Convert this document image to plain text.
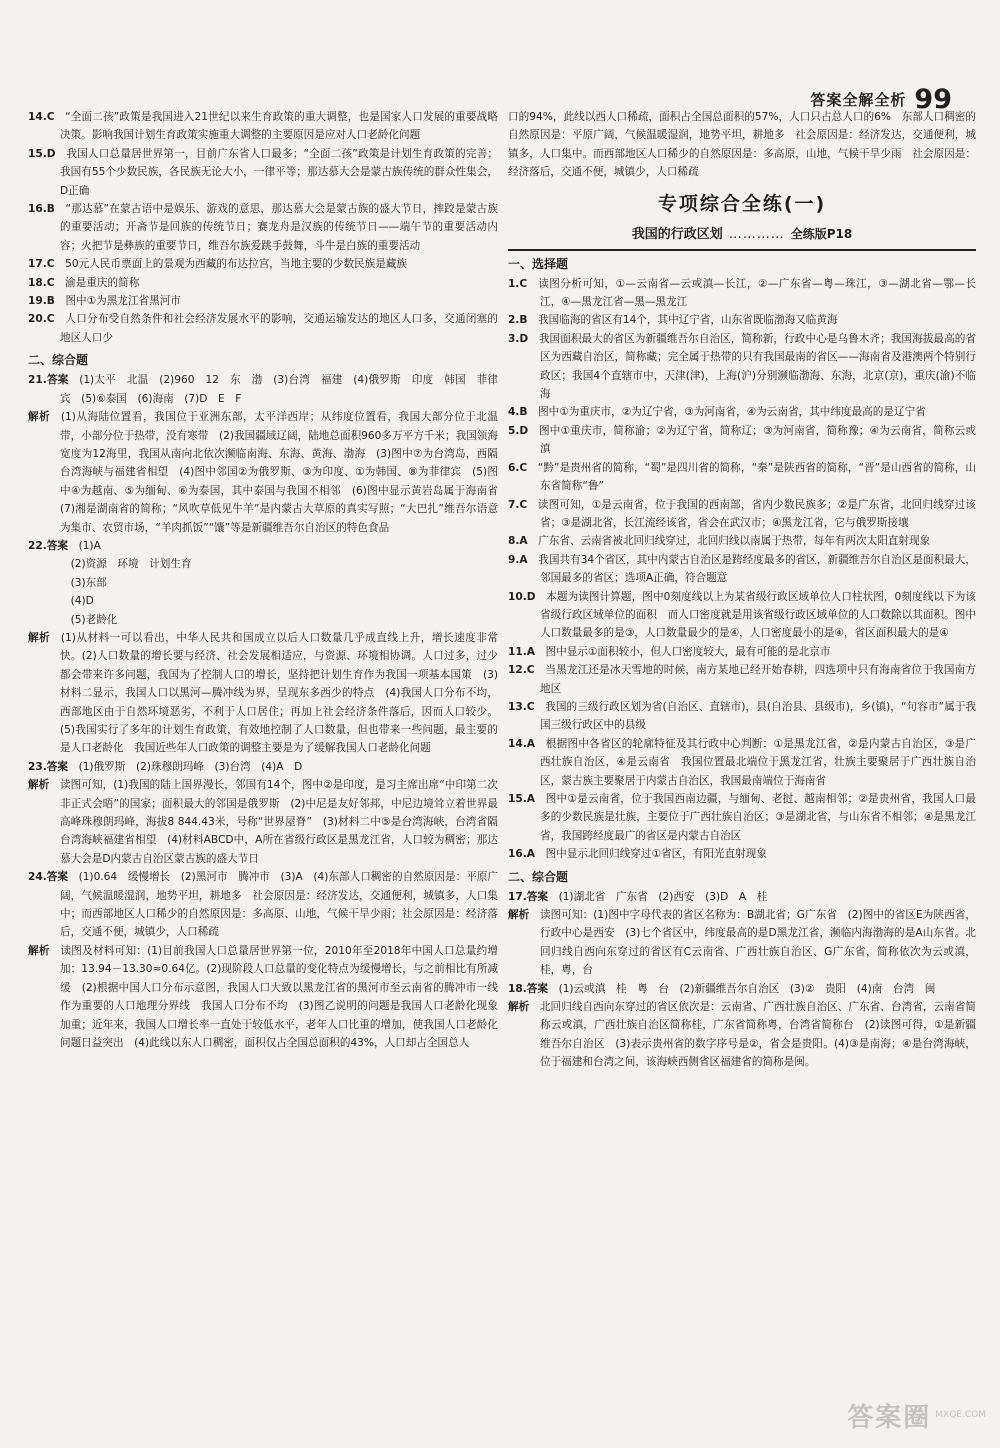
答案全解全析 99

14.C  “全面二孩”政策是我国进入21世纪以来生育政策的重大调整，也是国家人口发展的重要战略决策。影响我国计划生育政策实施重大调整的主要原因是应对人口老龄化问题

15.D  我国人口总量居世界第一，目前广东省人口最多；“全面二孩”政策是计划生育政策的完善；我国有55个少数民族，各民族无论大小，一律平等；那达慕大会是蒙古族传统的群众性集会，D正确

16.B  “那达慕”在蒙古语中是娱乐、游戏的意思，那达慕大会是蒙古族的盛大节日，摔跤是蒙古族的重要活动；开斋节是回族的传统节日；赛龙舟是汉族的传统节日——端午节的重要活动内容；火把节是彝族的重要节日，维吾尔族爱跳手鼓舞，斗牛是白族的重要活动

17.C  50元人民币票面上的景观为西藏的布达拉宫，当地主要的少数民族是藏族

18.C  渝是重庆的简称

19.B  图中①为黑龙江省黑河市

20.C  人口分布受自然条件和社会经济发展水平的影响，交通运输发达的地区人口多，交通闭塞的地区人口少

二、综合题

21.答案  (1)太平　北温　(2)960　12　东　渤　(3)台湾　福建　(4)俄罗斯　印度　韩国　菲律宾　(5)⑥泰国　(6)海南　(7)D　E　F

解析  (1)从海陆位置看，我国位于亚洲东部，太平洋西岸；从纬度位置看，我国大部分位于北温带，小部分位于热带，没有寒带　(2)我国疆域辽阔，陆地总面积960多万平方千米；我国领海宽度为12海里，我国从南向北依次濒临南海、东海、黄海、渤海　(3)图中⑦为台湾岛，西隔台湾海峡与福建省相望　(4)图中邻国②为俄罗斯、③为印度、①为韩国、⑧为菲律宾　(5)图中④为越南、⑤为缅甸、⑥为泰国，其中泰国与我国不相邻　(6)图中显示黄岩岛属于海南省　(7)湘是湖南省的简称；“风吹草低见牛羊”是内蒙古大草原的真实写照；“大巴扎”维吾尔语意为集市、农贸市场，“羊肉抓饭”“馕”等是新疆维吾尔自治区的特色食品

22.答案  (1)A

 (2)资源　环境　计划生育

 (3)东部

 (4)D

 (5)老龄化

解析  (1)从材料一可以看出，中华人民共和国成立以后人口数量几乎成直线上升，增长速度非常快。(2)人口数量的增长要与经济、社会发展相适应，与资源、环境相协调。人口过多，过少都会带来许多问题，我国为了控制人口的增长，坚持把计划生育作为我国一项基本国策　(3)材料二显示，我国人口以黑河—腾冲线为界，呈现东多西少的特点　(4)我国人口分布不均，西部地区由于自然环境恶劣，不利于人口居住；再加上社会经济条件落后，因而人口较少。(5)我国实行了多年的计划生育政策，有效地控制了人口数量，但也带来一些问题，最主要的是人口老龄化　我国近些年人口政策的调整主要是为了缓解我国人口老龄化问题

23.答案  (1)俄罗斯　(2)珠穆朗玛峰　(3)台湾　(4)A　D

解析  读图可知，(1)我国的陆上国界漫长，邻国有14个，图中②是印度，是习主席出席“中印第二次非正式会晤”的国家；面积最大的邻国是俄罗斯　(2)中尼是友好邻邦，中尼边境耸立着世界最高峰珠穆朗玛峰，海拔8 844.43米，号称“世界屋脊”　(3)材料二中⑤是台湾海峡，台湾省隔台湾海峡福建省相望　(4)材料ABCD中，A所在省级行政区是黑龙江省，人口较为稠密；那达慕大会是D内蒙古自治区蒙古族的盛大节日

24.答案  (1)0.64　缓慢增长　(2)黑河市　腾冲市　(3)A　(4)东部人口稠密的自然原因是：平原广阔，气候温暖湿润，地势平坦，耕地多　社会原因是：经济发达，交通便利，城镇多，人口集中；而西部地区人口稀少的自然原因是：多高原、山地，气候干旱少雨；社会原因是：经济落后，交通不便，城镇少，人口稀疏

解析  读图及材料可知：(1)目前我国人口总量居世界第一位，2010年至2018年中国人口总量约增加：13.94－13.30≈0.64亿。(2)现阶段人口总量的变化特点为缓慢增长，与之前相比有所减缓　(2)根据中国人口分布示意图，我国人口大致以黑龙江省的黑河市至云南省的腾冲市一线作为重要的人口地理分界线　我国人口分布不均　(3)图乙说明的问题是我国人口老龄化现象加重；近年来，我国人口增长率一直处于较低水平，老年人口比重的增加，使我国人口老龄化问题日益突出　(4)此线以东人口稠密，面积仅占全国总面积的43%，人口却占全国总人

口的94%，此线以西人口稀疏，面积占全国总面积的57%，人口只占总人口的6%　东部人口稠密的自然原因是：平原广阔，气候温暖湿润，地势平坦，耕地多　社会原因是：经济发达，交通便利，城镇多，人口集中。而西部地区人口稀少的自然原因是：多高原，山地，气候干旱少雨　社会原因是：经济落后，交通不便，城镇少，人口稀疏

专项综合全练(一)
我国的行政区划 ………… 全练版P18
一、选择题

1.C  读图分析可知，①—云南省—云或滇—长江，②—广东省—粤—珠江，③—湖北省—鄂—长江，④—黑龙江省—黑—黑龙江

2.B  我国临海的省区有14个，其中辽宁省，山东省既临渤海又临黄海

3.D  我国面积最大的省区为新疆维吾尔自治区，简称新，行政中心是乌鲁木齐；我国海拔最高的省区为西藏自治区，简称藏；完全属于热带的只有我国最南的省区——海南省及港澳两个特别行政区；我国4个直辖市中，天津(津)，上海(沪)分别濒临渤海、东海，北京(京)，重庆(渝)不临海

4.B  图中①为重庆市，②为辽宁省，③为河南省，④为云南省，其中纬度最高的是辽宁省

5.D  图中①重庆市，简称渝；②为辽宁省，简称辽；③为河南省，简称豫；④为云南省，简称云或滇

6.C  “黔”是贵州省的简称，“蜀”是四川省的简称，“秦”是陕西省的简称，“晋”是山西省的简称，山东省简称“鲁”

7.C  读图可知，①是云南省，位于我国的西南部，省内少数民族多；②是广东省，北回归线穿过该省；③是湖北省，长江流经该省，省会在武汉市；④黑龙江省，它与俄罗斯接壤

8.A  广东省、云南省被北回归线穿过，北回归线以南属于热带，每年有两次太阳直射现象

9.A  我国共有34个省区，其中内蒙古自治区是跨经度最多的省区，新疆维吾尔自治区是面积最大，邻国最多的省区；选项A正确，符合题意

10.D  本题为读图计算题，图中0刻度线以上为某省级行政区域单位人口柱状图，0刻度线以下为该省级行政区域单位的面积　而人口密度就是用该省级行政区域单位的人口数除以其面积。图中人口数量最多的是③，人口数量最少的是④，人口密度最小的是④，省区面积最大的是④

11.A  图中显示①面积较小，但人口密度较大，最有可能的是北京市

12.C  当黑龙江还是冰天雪地的时候，南方某地已经开始春耕，四选项中只有海南省位于我国南方地区

13.C  我国的三级行政区划为省(自治区、直辖市)，县(自治县、县级市)，乡(镇)，“句容市”属于我国三级行政区中的县级

14.A  根据图中各省区的轮廓特征及其行政中心判断：①是黑龙江省，②是内蒙古自治区，③是广西壮族自治区，④是云南省　我国位置最北端位于黑龙江省，壮族主要聚居于广西壮族自治区，蒙古族主要聚居于内蒙古自治区，我国最南端位于海南省

15.A  图中①是云南省，位于我国西南边疆，与缅甸、老挝、越南相邻；②是贵州省，我国人口最多的少数民族是壮族，主要位于广西壮族自治区；③是湖北省，与山东省不相邻；④是黑龙江省，我国跨经度最广的省区是内蒙古自治区

16.A  图中显示北回归线穿过①省区，有阳光直射现象

二、综合题

17.答案  (1)湖北省　广东省　(2)西安　(3)D　A　桂

解析  读图可知：(1)图中字母代表的省区名称为：B湖北省；G广东省　(2)图中的省区E为陕西省，行政中心是西安　(3)七个省区中，纬度最高的是D黑龙江省，濒临内海渤海的是A山东省。北回归线自西向东穿过的省区有C云南省、广西壮族自治区、G广东省，简称依次为云或滇，桂，粤，台

18.答案  (1)云或滇　桂　粤　台　(2)新疆维吾尔自治区　(3)②　贵阳　(4)南　台湾　闽

解析  北回归线自西向东穿过的省区依次是：云南省、广西壮族自治区、广东省、台湾省，云南省简称云或滇，广西壮族自治区简称桂，广东省简称粤，台湾省简称台　(2)读图可得，①是新疆维吾尔自治区　(3)表示贵州省的数字序号是②，省会是贵阳。(4)③是南海；④是台湾海峡，位于福建和台湾之间，该海峡西侧省区福建省的简称是闽。

答案圈 MXQE.COM
